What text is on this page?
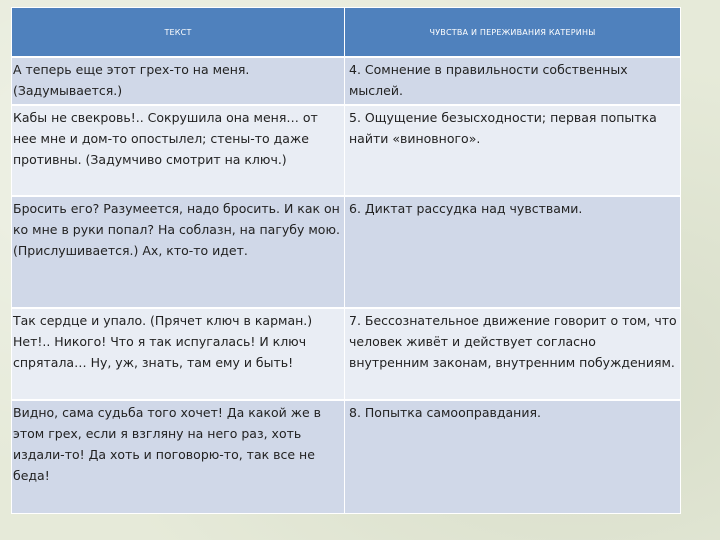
ТЕКСТ	ЧУВСТВА И ПЕРЕЖИВАНИЯ КАТЕРИНЫ
А теперь еще этот грех-то на меня. (Задумывается.)	4. Сомнение в правильности собственных мыслей.
Кабы не свекровь!.. Сокрушила она меня… от нее мне и дом-то опостылел; стены-то даже противны. (Задумчиво смотрит на ключ.)	5. Ощущение безысходности; первая попытка найти «виновного».
Бросить его? Разумеется, надо бросить. И как он ко мне в руки попал? На соблазн, на пагубу мою. (Прислушивается.) Ах, кто-то идет.	6. Диктат рассудка над чувствами.
Так сердце и упало. (Прячет ключ в карман.) Нет!.. Никого! Что я так испугалась! И ключ спрятала… Ну, уж, знать, там ему и быть!	7. Бессознательное движение говорит о том, что человек живёт и действует согласно внутренним законам, внутренним побуждениям.
Видно, сама судьба того хочет! Да какой же в этом грех, если я взгляну на него раз, хоть издали-то! Да хоть и поговорю-то, так все не беда!	8. Попытка самооправдания.
